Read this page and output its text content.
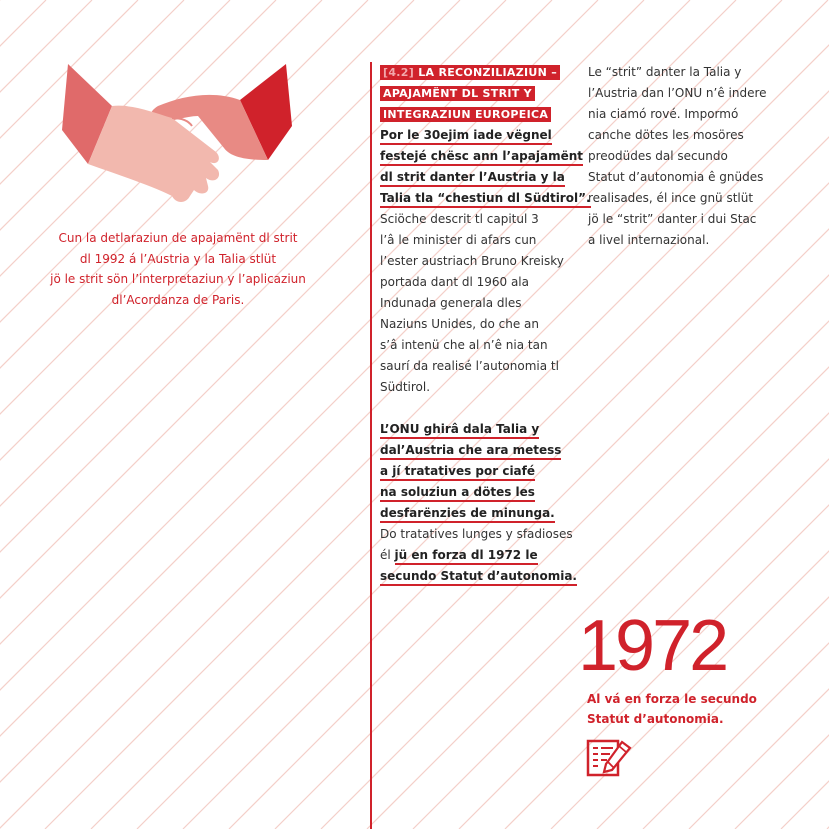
Cun la detlaraziun de apajamënt dl strit
dl 1992 á l’Austria y la Talia stlüt
jö le strit sön l’interpretaziun y l’aplicaziun
dl’Acordanza de Paris.
[4.2] LA RECONZILIAZIUN –
APAJAMËNT DL STRIT Y
INTEGRAZIUN EUROPEICA
Por le 30ejim iade vëgnel
festejé chësc ann l’apajamënt
dl strit danter l’Austria y la
Talia tla “chestiun dl Südtirol”.
Sciöche descrit tl capitul 3
l’â le minister di afars cun
l’ester austriach Bruno Kreisky
portada dant dl 1960 ala
Indunada generala dles
Naziuns Unides, do che an
s’â intenü che al n’ê nia tan
saurí da realisé l’autonomia tl
Südtirol.
L’ONU ghirâ dala Talia y
dal’Austria che ara metess
a jí tratatives por ciafé
na soluziun a dötes les
desfarënzies de minunga.
Do tratatives lunges y sfadioses
él jü en forza dl 1972 le
secundo Statut d’autonomia.
Le “strit” danter la Talia y
l’Austria dan l’ONU n’ê indere
nia ciamó rové. Impormó
canche dötes les mosöres
preodüdes dal secundo
Statut d’autonomia ê gnüdes
realisades, él ince gnü stlüt
jö le “strit” danter i dui Stac
a livel internazional.
1972
Al vá en forza le secundo
Statut d’autonomia.
